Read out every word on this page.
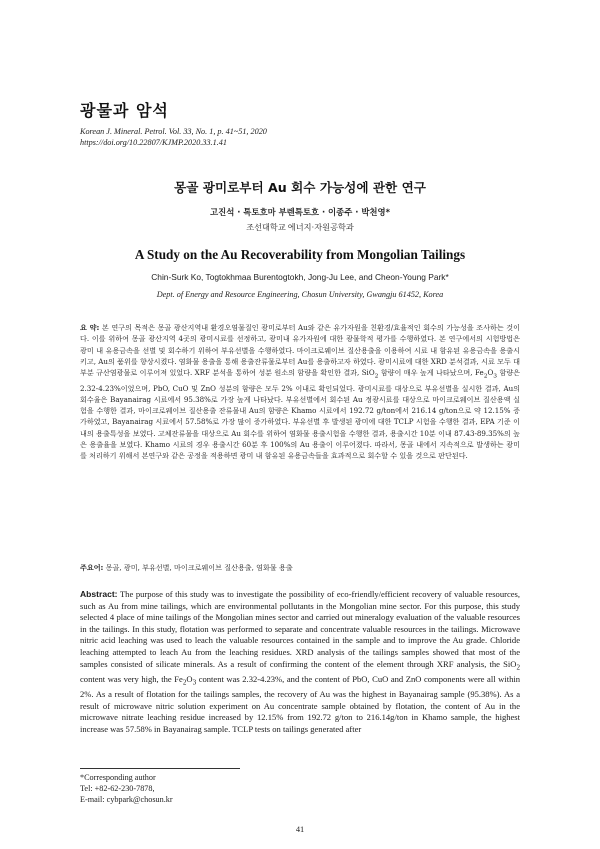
광물과 암석
Korean J. Mineral. Petrol. Vol. 33, No. 1, p. 41~51, 2020
https://doi.org/10.22807/KJMP.2020.33.1.41
몽골 광미로부터 Au 회수 가능성에 관한 연구

고진석 · 톡토흐마 부렌톡토흐 · 이종주 · 박천영*

조선대학교 에너지·자원공학과

A Study on the Au Recoverability from Mongolian Tailings

Chin-Surk Ko, Togtokhmaa Burentogtokh, Jong-Ju Lee, and Cheon-Young Park*

Dept. of Energy and Resource Engineering, Chosun University, Gwangju 61452, Korea

요 약: 본 연구의 목적은 몽골 광산지역내 환경오염물질인 광미로부터 Au와 같은 유가자원을 친환경/효율적인 회수의 가능성을 조사하는 것이다. 이를 위하여 몽골 광산지역 4곳의 광미시료를 선정하고, 광미내 유가자원에 대한 광물학적 평가를 수행하였다. 본 연구에서의 시험방법은 광미 내 유용금속을 선별 및 회수하기 위하여 부유선별을 수행하였다. 마이크로웨이브 질산용출을 이용하여 시료 내 함유된 유용금속을 용출시키고, Au의 품위를 향상시켰다. 염화물 용출을 통해 용출잔류물로부터 Au를 용출하고자 하였다. 광미시료에 대한 XRD 분석결과, 시료 모두 대부분 규산염광물로 이루어져 있었다. XRF 분석을 통하여 성분 원소의 함량을 확인한 결과, SiO$_2$ 함량이 매우 높게 나타났으며, $Fe_2O_3$ 함량은 2.32-4.23%이었으며, PbO, CuO 및 ZnO 성분의 함량은 모두 2% 이내로 확인되었다. 광미시료를 대상으로 부유선별을 실시한 결과, Au의 회수율은 Bayanairag 시료에서 95.38%로 가장 높게 나타났다. 부유선별에서 회수된 Au 정광시료를 대상으로 마이크로웨이브 질산용액 실험을 수행한 결과, 마이크로웨이브 질산용출 잔류물내 Au의 함량은 Khamo 시료에서 192.72 g/ton에서 216.14 g/ton으로 약 12.15% 증가하였고, Bayanairag 시료에서 57.58%로 가장 많이 증가하였다. 부유선별 후 발생된 광미에 대한 TCLP 시험을 수행한 결과, EPA 기준 이내의 용출특성을 보였다. 고체잔류물을 대상으로 Au 회수를 위하여 염화물 용출시험을 수행한 결과, 용출시간 10분 이내 87.43-89.35%의 높은 용출율을 보였다. Khamo 시료의 경우 용출시간 60분 후 100%의 Au 용출이 이루어졌다. 따라서, 몽골 내에서 지속적으로 발생하는 광미를 처리하기 위해서 본연구와 같은 공정을 적용하면 광미 내 함유된 유용금속들을 효과적으로 회수할 수 있을 것으로 판단된다.

주요어: 몽골, 광미, 부유선별, 마이크로웨이브 질산용출, 염화물 용출

Abstract: The purpose of this study was to investigate the possibility of eco-friendly/efficient recovery of valuable resources, such as Au from mine tailings, which are environmental pollutants in the Mongolian mine sector. For this purpose, this study selected 4 place of mine tailings of the Mongolian mines sector and carried out mineralogy evaluation of the valuable resources in the tailings. In this study, flotation was performed to separate and concentrate valuable resources in the tailings. Microwave nitric acid leaching was used to leach the valuable resources contained in the sample and to improve the Au grade. Chloride leaching attempted to leach Au from the leaching residues. XRD analysis of the tailings samples showed that most of the samples consisted of silicate minerals. As a result of confirming the content of the element through XRF analysis, the SiO$_2$ content was very high, the $Fe_2O_3$ content was 2.32-4.23%, and the content of PbO, CuO and ZnO components were all within 2%. As a result of flotation for the tailings samples, the recovery of Au was the highest in Bayanairag sample (95.38%). As a result of microwave nitric solution experiment on Au concentrate sample obtained by flotation, the content of Au in the microwave nitrate leaching residue increased by 12.15% from 192.72 g/ton to 216.14g/ton in Khamo sample, the highest increase was 57.58% in Bayanairag sample. TCLP tests on tailings generated after

*Corresponding author
Tel: +82-62-230-7878,
E-mail: cybpark@chosun.kr
41
